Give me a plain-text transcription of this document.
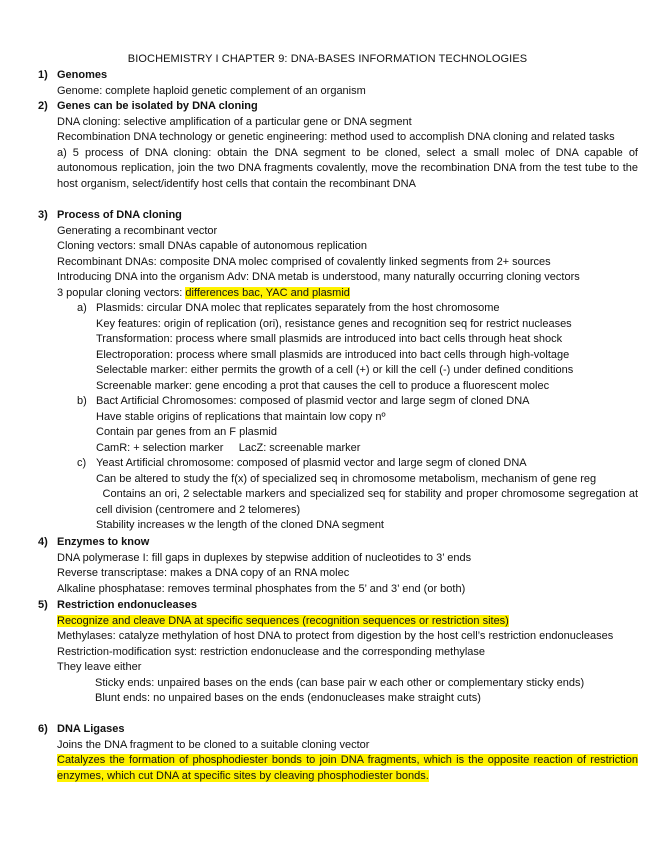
BIOCHEMISTRY I CHAPTER 9: DNA-BASES INFORMATION TECHNOLOGIES
1) Genomes
Genome: complete haploid genetic complement of an organism
2) Genes can be isolated by DNA cloning
DNA cloning: selective amplification of a particular gene or DNA segment
Recombination DNA technology or genetic engineering: method used to accomplish DNA cloning and related tasks
a) 5 process of DNA cloning: obtain the DNA segment to be cloned, select a small molec of DNA capable of autonomous replication, join the two DNA fragments covalently, move the recombination DNA from the test tube to the host organism, select/identify host cells that contain the recombinant DNA
3) Process of DNA cloning
Generating a recombinant vector
Cloning vectors: small DNAs capable of autonomous replication
Recombinant DNAs: composite DNA molec comprised of covalently linked segments from 2+ sources
Introducing DNA into the organism Adv: DNA metab is understood, many naturally occurring cloning vectors
3 popular cloning vectors: differences bac, YAC and plasmid
a) Plasmids: circular DNA molec that replicates separately from the host chromosome
Key features: origin of replication (ori), resistance genes and recognition seq for restrict nucleases
Transformation: process where small plasmids are introduced into bact cells through heat shock
Electroporation: process where small plasmids are introduced into bact cells through high-voltage
Selectable marker: either permits the growth of a cell (+) or kill the cell (-) under defined conditions
Screenable marker: gene encoding a prot that causes the cell to produce a fluorescent molec
b) Bact Artificial Chromosomes: composed of plasmid vector and large segm of cloned DNA
Have stable origins of replications that maintain low copy nº
Contain par genes from an F plasmid
CamR: + selection marker     LacZ: screenable marker
c) Yeast Artificial chromosome: composed of plasmid vector and large segm of cloned DNA
Can be altered to study the f(x) of specialized seq in chromosome metabolism, mechanism of gene reg
Contains an ori, 2 selectable markers and specialized seq for stability and proper chromosome segregation at cell division (centromere and 2 telomeres)
Stability increases w the length of the cloned DNA segment
4) Enzymes to know
DNA polymerase I: fill gaps in duplexes by stepwise addition of nucleotides to 3’ ends
Reverse transcriptase: makes a DNA copy of an RNA molec
Alkaline phosphatase: removes terminal phosphates from the 5’ and 3’ end (or both)
5) Restriction endonucleases
Recognize and cleave DNA at specific sequences (recognition sequences or restriction sites)
Methylases: catalyze methylation of host DNA to protect from digestion by the host cell’s restriction endonucleases
Restriction-modification syst: restriction endonuclease and the corresponding methylase
They leave either
Sticky ends: unpaired bases on the ends (can base pair w each other or complementary sticky ends)
Blunt ends: no unpaired bases on the ends (endonucleases make straight cuts)
6) DNA Ligases
Joins the DNA fragment to be cloned to a suitable cloning vector
Catalyzes the formation of phosphodiester bonds to join DNA fragments, which is the opposite reaction of restriction enzymes, which cut DNA at specific sites by cleaving phosphodiester bonds.
